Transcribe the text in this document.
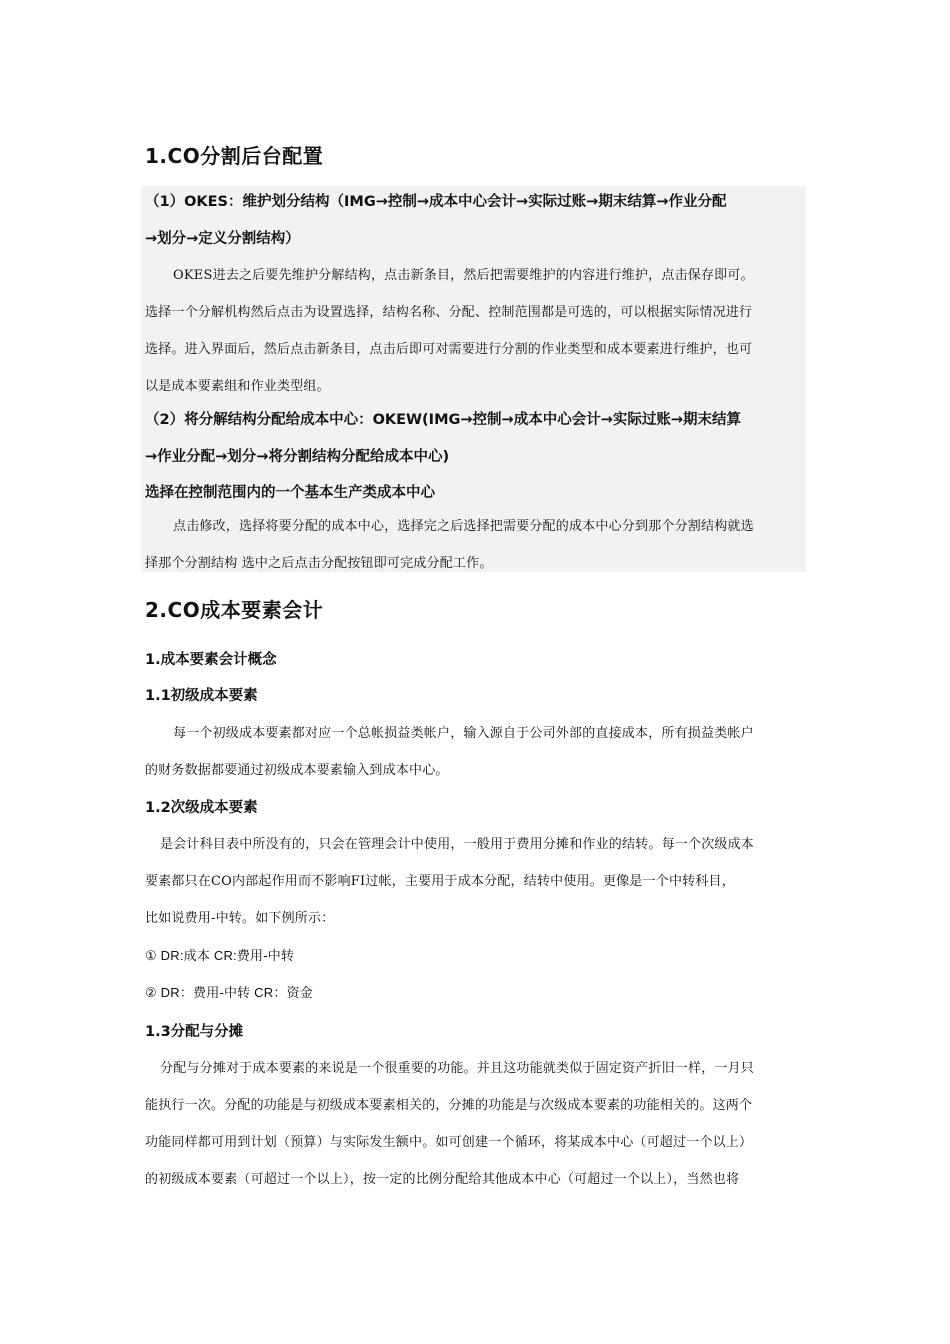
1.CO分割后台配置
（1）OKES：维护划分结构（IMG→控制→成本中心会计→实际过账→期末结算→作业分配
→划分→定义分割结构）
OKES进去之后要先维护分解结构，点击新条目，然后把需要维护的内容进行维护，点击保存即可。
选择一个分解机构然后点击为设置选择，结构名称、分配、控制范围都是可选的，可以根据实际情况进行
选择。进入界面后，然后点击新条目，点击后即可对需要进行分割的作业类型和成本要素进行维护，也可
以是成本要素组和作业类型组。
（2）将分解结构分配给成本中心：OKEW(IMG→控制→成本中心会计→实际过账→期末结算
→作业分配→划分→将分割结构分配给成本中心)
选择在控制范围内的一个基本生产类成本中心
点击修改，选择将要分配的成本中心，选择完之后选择把需要分配的成本中心分到那个分割结构就选
择那个分割结构 选中之后点击分配按钮即可完成分配工作。
2.CO成本要素会计
1.成本要素会计概念
1.1初级成本要素
每一个初级成本要素都对应一个总帐损益类帐户，输入源自于公司外部的直接成本，所有损益类帐户
的财务数据都要通过初级成本要素输入到成本中心。
1.2次级成本要素
是会计科目表中所没有的，只会在管理会计中使用，一般用于费用分摊和作业的结转。每一个次级成本
要素都只在CO内部起作用而不影响FI过帐，主要用于成本分配，结转中使用。更像是一个中转科目，
比如说费用-中转。如下例所示：
① DR:成本 CR:费用-中转
② DR：费用-中转 CR：资金
1.3分配与分摊
分配与分摊对于成本要素的来说是一个很重要的功能。并且这功能就类似于固定资产折旧一样，一月只
能执行一次。分配的功能是与初级成本要素相关的，分摊的功能是与次级成本要素的功能相关的。这两个
功能同样都可用到计划（预算）与实际发生额中。如可创建一个循环，将某成本中心（可超过一个以上）
的初级成本要素（可超过一个以上），按一定的比例分配给其他成本中心（可超过一个以上），当然也将
